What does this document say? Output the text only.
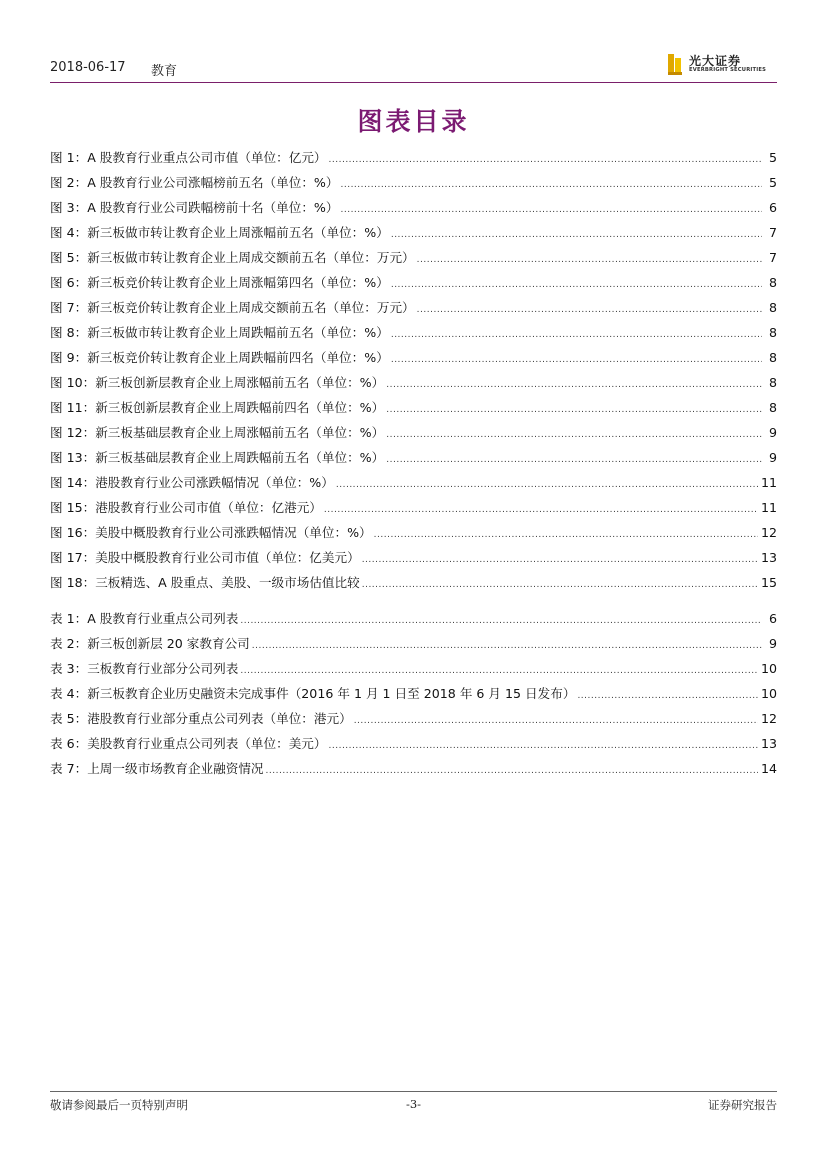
2018-06-17 教育
光大证券
EVERBRIGHT SECURITIES
图表目录
图 1：A 股教育行业重点公司市值（单位：亿元） .....	5
图 2：A 股教育行业公司涨幅榜前五名（单位：%） .....	5
图 3：A 股教育行业公司跌幅榜前十名（单位：%） .....	6
图 4：新三板做市转让教育企业上周涨幅前五名（单位：%） .....	7
图 5：新三板做市转让教育企业上周成交额前五名（单位：万元） .....	7
图 6：新三板竞价转让教育企业上周涨幅第四名（单位：%） .....	8
图 7：新三板竞价转让教育企业上周成交额前五名（单位：万元） .....	8
图 8：新三板做市转让教育企业上周跌幅前五名（单位：%） .....	8
图 9：新三板竞价转让教育企业上周跌幅前四名（单位：%） .....	8
图 10：新三板创新层教育企业上周涨幅前五名（单位：%） .....	8
图 11：新三板创新层教育企业上周跌幅前四名（单位：%） .....	8
图 12：新三板基础层教育企业上周涨幅前五名（单位：%） .....	9
图 13：新三板基础层教育企业上周跌幅前五名（单位：%） .....	9
图 14：港股教育行业公司涨跌幅情况（单位：%） .....	11
图 15：港股教育行业公司市值（单位：亿港元） .....	11
图 16：美股中概股教育行业公司涨跌幅情况（单位：%） .....	12
图 17：美股中概股教育行业公司市值（单位：亿美元） .....	13
图 18：三板精选、A 股重点、美股、一级市场估值比较 .....	15
表 1：A 股教育行业重点公司列表 .....	6
表 2：新三板创新层 20 家教育公司 .....	9
表 3：三板教育行业部分公司列表 .....	10
表 4：新三板教育企业历史融资未完成事件（2016 年 1 月 1 日至 2018 年 6 月 15 日发布） .....	10
表 5：港股教育行业部分重点公司列表（单位：港元） .....	12
表 6：美股教育行业重点公司列表（单位：美元） .....	13
表 7：上周一级市场教育企业融资情况 .....	14
敬请参阅最后一页特别声明	-3-	证券研究报告
